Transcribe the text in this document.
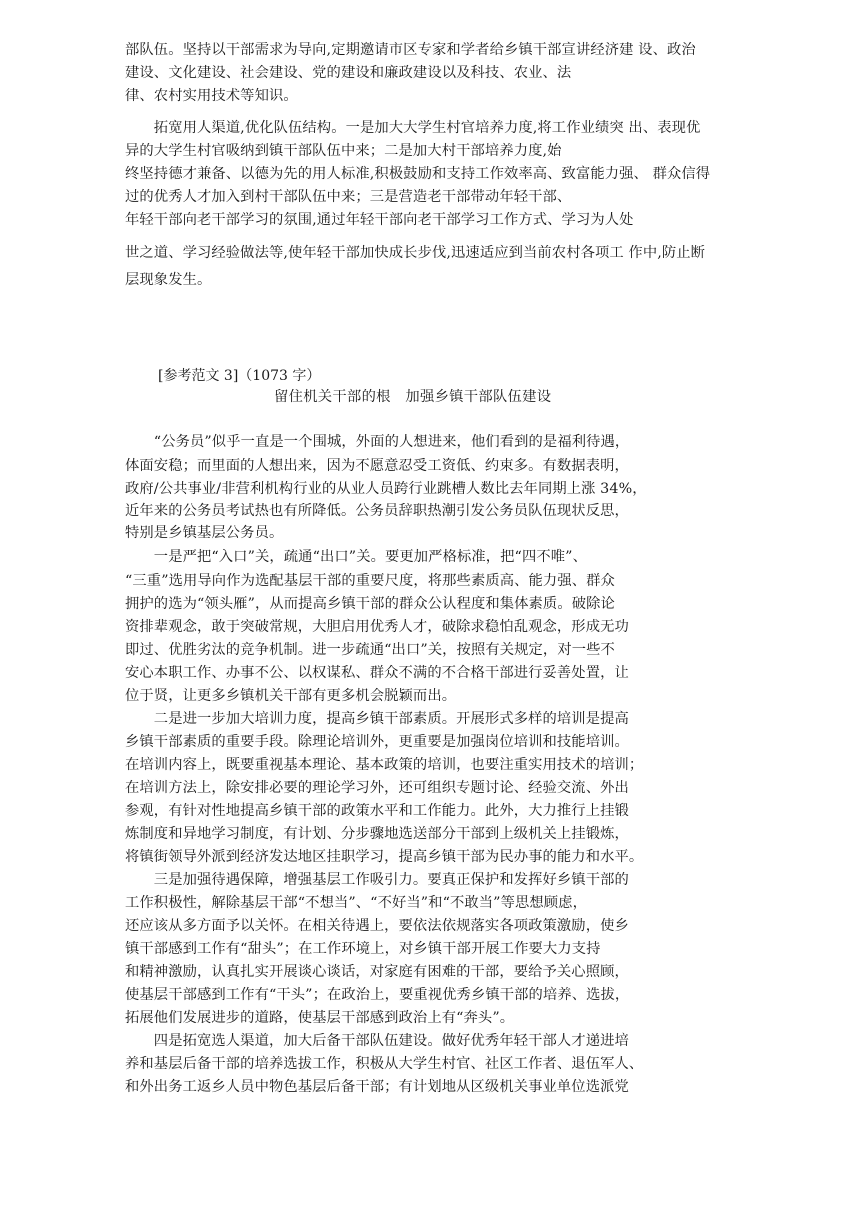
部队伍。坚持以干部需求为导向,定期邀请市区专家和学者给乡镇干部宣讲经济建 设、政治
建设、文化建设、社会建设、党的建设和廉政建设以及科技、农业、法
律、农村实用技术等知识。
　　拓宽用人渠道,优化队伍结构。一是加大大学生村官培养力度,将工作业绩突 出、表现优
异的大学生村官吸纳到镇干部队伍中来；二是加大村干部培养力度,始
终坚持德才兼备、以德为先的用人标准,积极鼓励和支持工作效率高、致富能力强、 群众信得
过的优秀人才加入到村干部队伍中来；三是营造老干部带动年轻干部、
年轻干部向老干部学习的氛围,通过年轻干部向老干部学习工作方式、学习为人处
世之道、学习经验做法等,使年轻干部加快成长步伐,迅速适应到当前农村各项工 作中,防止断
层现象发生。
[参考范文 3]（1073 字）
留住机关干部的根　加强乡镇干部队伍建设
　　“公务员”似乎一直是一个围城，外面的人想进来，他们看到的是福利待遇，
体面安稳；而里面的人想出来，因为不愿意忍受工资低、约束多。有数据表明，
政府/公共事业/非营利机构行业的从业人员跨行业跳槽人数比去年同期上涨 34%，
近年来的公务员考试热也有所降低。公务员辞职热潮引发公务员队伍现状反思，
特别是乡镇基层公务员。
　　一是严把“入口”关，疏通“出口”关。要更加严格标准，把“四不唯”、
“三重”选用导向作为选配基层干部的重要尺度，将那些素质高、能力强、群众
拥护的选为“领头雁”，从而提高乡镇干部的群众公认程度和集体素质。破除论
资排辈观念，敢于突破常规，大胆启用优秀人才，破除求稳怕乱观念，形成无功
即过、优胜劣汰的竞争机制。进一步疏通“出口”关，按照有关规定，对一些不
安心本职工作、办事不公、以权谋私、群众不满的不合格干部进行妥善处置，让
位于贤，让更多乡镇机关干部有更多机会脱颖而出。
　　二是进一步加大培训力度，提高乡镇干部素质。开展形式多样的培训是提高
乡镇干部素质的重要手段。除理论培训外，更重要是加强岗位培训和技能培训。
在培训内容上，既要重视基本理论、基本政策的培训，也要注重实用技术的培训；
在培训方法上，除安排必要的理论学习外，还可组织专题讨论、经验交流、外出
参观，有针对性地提高乡镇干部的政策水平和工作能力。此外，大力推行上挂锻
炼制度和异地学习制度，有计划、分步骤地选送部分干部到上级机关上挂锻炼，
将镇街领导外派到经济发达地区挂职学习，提高乡镇干部为民办事的能力和水平。
　　三是加强待遇保障，增强基层工作吸引力。要真正保护和发挥好乡镇干部的
工作积极性，解除基层干部“不想当”、“不好当”和“不敢当”等思想顾虑，
还应该从多方面予以关怀。在相关待遇上，要依法依规落实各项政策激励，使乡
镇干部感到工作有“甜头”；在工作环境上，对乡镇干部开展工作要大力支持
和精神激励，认真扎实开展谈心谈话，对家庭有困难的干部，要给予关心照顾，
使基层干部感到工作有“干头”；在政治上，要重视优秀乡镇干部的培养、选拔，
拓展他们发展进步的道路，使基层干部感到政治上有“奔头”。
　　四是拓宽选人渠道，加大后备干部队伍建设。做好优秀年轻干部人才递进培
养和基层后备干部的培养选拔工作，积极从大学生村官、社区工作者、退伍军人、
和外出务工返乡人员中物色基层后备干部；有计划地从区级机关事业单位选派党
